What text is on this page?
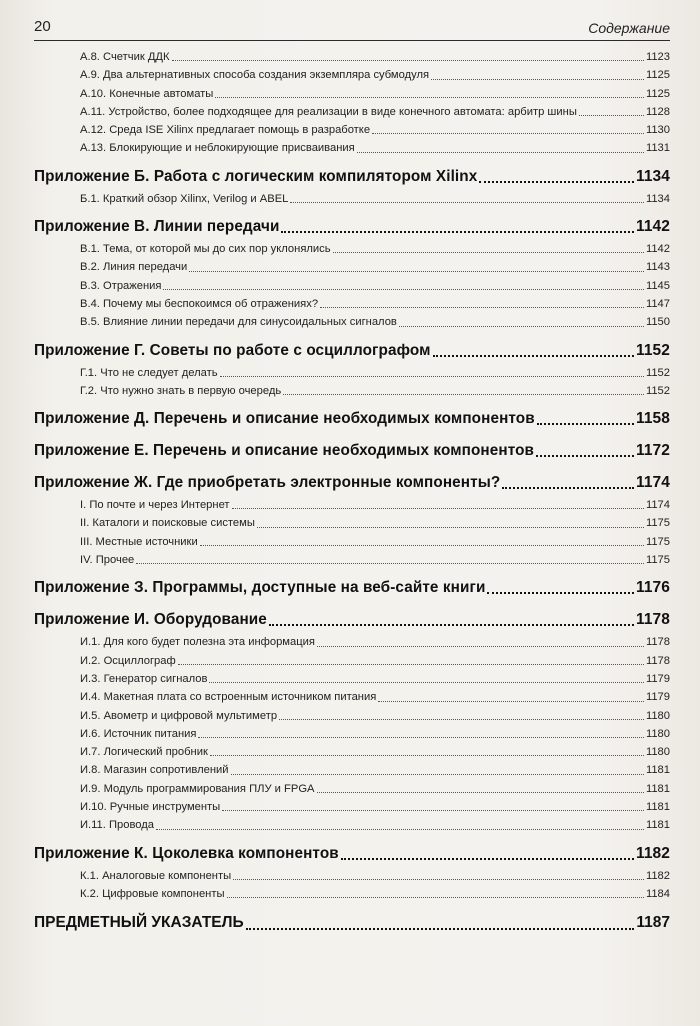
20	Содержание
А.8. Счетчик ДДК	1123
А.9. Два альтернативных способа создания экземпляра субмодуля	1125
А.10. Конечные автоматы	1125
А.11. Устройство, более подходящее для реализации в виде конечного автомата: арбитр шины	1128
А.12. Среда ISE Xilinx предлагает помощь в разработке	1130
А.13. Блокирующие и неблокирующие присваивания	1131
Приложение Б. Работа с логическим компилятором Xilinx	1134
Б.1. Краткий обзор Xilinx, Verilog и ABEL	1134
Приложение В. Линии передачи	1142
В.1. Тема, от которой мы до сих пор уклонялись	1142
В.2. Линия передачи	1143
В.3. Отражения	1145
В.4. Почему мы беспокоимся об отражениях?	1147
В.5. Влияние линии передачи для синусоидальных сигналов	1150
Приложение Г. Советы по работе с осциллографом	1152
Г.1. Что не следует делать	1152
Г.2. Что нужно знать в первую очередь	1152
Приложение Д. Перечень и описание необходимых компонентов	1158
Приложение Е. Перечень и описание необходимых компонентов	1172
Приложение Ж. Где приобретать электронные компоненты?	1174
I. По почте и через Интернет	1174
II. Каталоги и поисковые системы	1175
III. Местные источники	1175
IV. Прочее	1175
Приложение З. Программы, доступные на веб-сайте книги	1176
Приложение И. Оборудование	1178
И.1. Для кого будет полезна эта информация	1178
И.2. Осциллограф	1178
И.3. Генератор сигналов	1179
И.4. Макетная плата со встроенным источником питания	1179
И.5. Авометр и цифровой мультиметр	1180
И.6. Источник питания	1180
И.7. Логический пробник	1180
И.8. Магазин сопротивлений	1181
И.9. Модуль программирования ПЛУ и FPGA	1181
И.10. Ручные инструменты	1181
И.11. Провода	1181
Приложение К. Цоколевка компонентов	1182
К.1. Аналоговые компоненты	1182
К.2. Цифровые компоненты	1184
ПРЕДМЕТНЫЙ УКАЗАТЕЛЬ	1187
